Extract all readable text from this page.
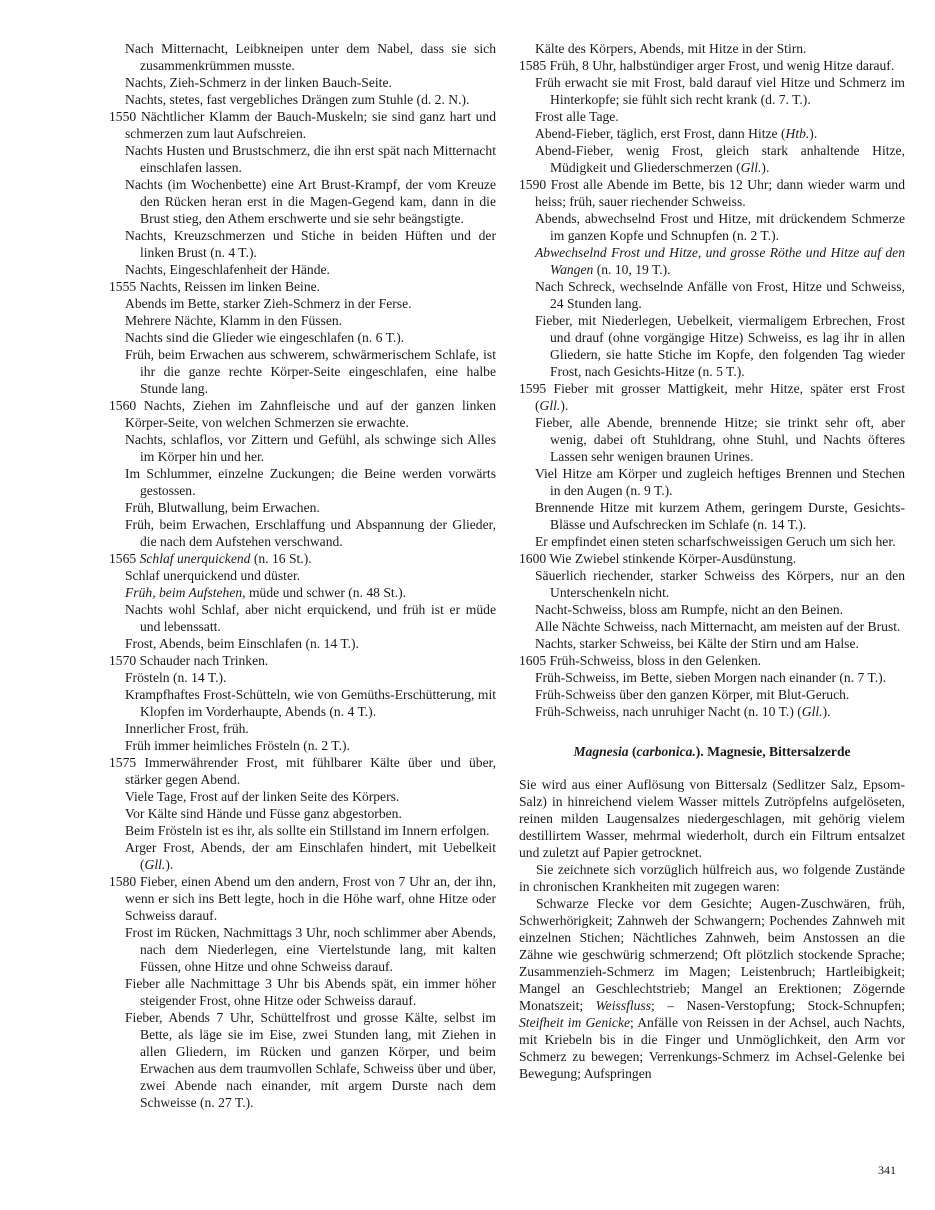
Nach Mitternacht, Leibkneipen unter dem Nabel, dass sie sich zusammenkrümmen musste.

Nachts, Zieh-Schmerz in der linken Bauch-Seite.

Nachts, stetes, fast vergebliches Drängen zum Stuhle (d. 2. N.).

1550 Nächtlicher Klamm der Bauch-Muskeln; sie sind ganz hart und schmerzen zum laut Aufschreien.

Nachts Husten und Brustschmerz, die ihn erst spät nach Mitternacht einschlafen lassen.

Nachts (im Wochenbette) eine Art Brust-Krampf, der vom Kreuze den Rücken heran erst in die Magen-Gegend kam, dann in die Brust stieg, den Athem erschwerte und sie sehr beängstigte.

Nachts, Kreuzschmerzen und Stiche in beiden Hüften und der linken Brust (n. 4 T.).

Nachts, Eingeschlafenheit der Hände.

1555 Nachts, Reissen im linken Beine.

Abends im Bette, starker Zieh-Schmerz in der Ferse.

Mehrere Nächte, Klamm in den Füssen.

Nachts sind die Glieder wie eingeschlafen (n. 6 T.).

Früh, beim Erwachen aus schwerem, schwärmerischem Schlafe, ist ihr die ganze rechte Körper-Seite eingeschlafen, eine halbe Stunde lang.

1560 Nachts, Ziehen im Zahnfleische und auf der ganzen linken Körper-Seite, von welchen Schmerzen sie erwachte.

Nachts, schlaflos, vor Zittern und Gefühl, als schwinge sich Alles im Körper hin und her.

Im Schlummer, einzelne Zuckungen; die Beine werden vorwärts gestossen.

Früh, Blutwallung, beim Erwachen.

Früh, beim Erwachen, Erschlaffung und Abspannung der Glieder, die nach dem Aufstehen verschwand.

1565 Schlaf unerquickend (n. 16 St.).

Schlaf unerquickend und düster.

Früh, beim Aufstehen, müde und schwer (n. 48 St.).

Nachts wohl Schlaf, aber nicht erquickend, und früh ist er müde und lebenssatt.

Frost, Abends, beim Einschlafen (n. 14 T.).

1570 Schauder nach Trinken.

Frösteln (n. 14 T.).

Krampfhaftes Frost-Schütteln, wie von Gemüths-Erschütterung, mit Klopfen im Vorderhaupte, Abends (n. 4 T.).

Innerlicher Frost, früh.

Früh immer heimliches Frösteln (n. 2 T.).

1575 Immerwährender Frost, mit fühlbarer Kälte über und über, stärker gegen Abend.

Viele Tage, Frost auf der linken Seite des Körpers.

Vor Kälte sind Hände und Füsse ganz abgestorben.

Beim Frösteln ist es ihr, als sollte ein Stillstand im Innern erfolgen.

Arger Frost, Abends, der am Einschlafen hindert, mit Uebelkeit (Gll.).

1580 Fieber, einen Abend um den andern, Frost von 7 Uhr an, der ihn, wenn er sich ins Bett legte, hoch in die Höhe warf, ohne Hitze oder Schweiss darauf.

Frost im Rücken, Nachmittags 3 Uhr, noch schlimmer aber Abends, nach dem Niederlegen, eine Viertelstunde lang, mit kalten Füssen, ohne Hitze und ohne Schweiss darauf.

Fieber alle Nachmittage 3 Uhr bis Abends spät, ein immer höher steigender Frost, ohne Hitze oder Schweiss darauf.

Fieber, Abends 7 Uhr, Schüttelfrost und grosse Kälte, selbst im Bette, als läge sie im Eise, zwei Stunden lang, mit Ziehen in allen Gliedern, im Rücken und ganzen Körper, und beim Erwachen aus dem traumvollen Schlafe, Schweiss über und über, zwei Abende nach einander, mit argem Durste nach dem Schweisse (n. 27 T.).

Kälte des Körpers, Abends, mit Hitze in der Stirn.

1585 Früh, 8 Uhr, halbstündiger arger Frost, und wenig Hitze darauf.

Früh erwacht sie mit Frost, bald darauf viel Hitze und Schmerz im Hinterkopfe; sie fühlt sich recht krank (d. 7. T.).

Frost alle Tage.

Abend-Fieber, täglich, erst Frost, dann Hitze (Htb.).

Abend-Fieber, wenig Frost, gleich stark anhaltende Hitze, Müdigkeit und Gliederschmerzen (Gll.).

1590 Frost alle Abende im Bette, bis 12 Uhr; dann wieder warm und heiss; früh, sauer riechender Schweiss.

Abends, abwechselnd Frost und Hitze, mit drückendem Schmerze im ganzen Kopfe und Schnupfen (n. 2 T.).

Abwechselnd Frost und Hitze, und grosse Röthe und Hitze auf den Wangen (n. 10, 19 T.).

Nach Schreck, wechselnde Anfälle von Frost, Hitze und Schweiss, 24 Stunden lang.

Fieber, mit Niederlegen, Uebelkeit, viermaligem Erbrechen, Frost und drauf (ohne vorgängige Hitze) Schweiss, es lag ihr in allen Gliedern, sie hatte Stiche im Kopfe, den folgenden Tag wieder Frost, nach Gesichts-Hitze (n. 5 T.).

1595 Fieber mit grosser Mattigkeit, mehr Hitze, später erst Frost (Gll.).

Fieber, alle Abende, brennende Hitze; sie trinkt sehr oft, aber wenig, dabei oft Stuhldrang, ohne Stuhl, und Nachts öfteres Lassen sehr wenigen braunen Urines.

Viel Hitze am Körper und zugleich heftiges Brennen und Stechen in den Augen (n. 9 T.).

Brennende Hitze mit kurzem Athem, geringem Durste, Gesichts-Blässe und Aufschrecken im Schlafe (n. 14 T.).

Er empfindet einen steten scharfschweissigen Geruch um sich her.

1600 Wie Zwiebel stinkende Körper-Ausdünstung.

Säuerlich riechender, starker Schweiss des Körpers, nur an den Unterschenkeln nicht.

Nacht-Schweiss, bloss am Rumpfe, nicht an den Beinen.

Alle Nächte Schweiss, nach Mitternacht, am meisten auf der Brust.

Nachts, starker Schweiss, bei Kälte der Stirn und am Halse.

1605 Früh-Schweiss, bloss in den Gelenken.

Früh-Schweiss, im Bette, sieben Morgen nach einander (n. 7 T.).

Früh-Schweiss über den ganzen Körper, mit Blut-Geruch.

Früh-Schweiss, nach unruhiger Nacht (n. 10 T.) (Gll.).

Magnesia (carbonica.). Magnesie, Bittersalzerde

Sie wird aus einer Auflösung von Bittersalz (Sedlitzer Salz, Epsom-Salz) in hinreichend vielem Wasser mittels Zutröpfelns aufgelöseten, reinen milden Laugensalzes niedergeschlagen, mit gehörig vielem destillirtem Wasser, mehrmal wiederholt, durch ein Filtrum entsalzet und zuletzt auf Papier getrocknet.

Sie zeichnete sich vorzüglich hülfreich aus, wo folgende Zustände in chronischen Krankheiten mit zugegen waren:

Schwarze Flecke vor dem Gesichte; Augen-Zuschwären, früh, Schwerhörigkeit; Zahnweh der Schwangern; Pochendes Zahnweh mit einzelnen Stichen; Nächtliches Zahnweh, beim Anstossen an die Zähne wie geschwürig schmerzend; Oft plötzlich stockende Sprache; Zusammenzieh-Schmerz im Magen; Leistenbruch; Hartleibigkeit; Mangel an Geschlechtstrieb; Mangel an Erektionen; Zögernde Monatszeit; Weissfluss; – Nasen-Verstopfung; Stock-Schnupfen; Steifheit im Genicke; Anfälle von Reissen in der Achsel, auch Nachts, mit Kriebeln bis in die Finger und Unmöglichkeit, den Arm vor Schmerz zu bewegen; Verrenkungs-Schmerz im Achsel-Gelenke bei Bewegung; Aufspringen

341
